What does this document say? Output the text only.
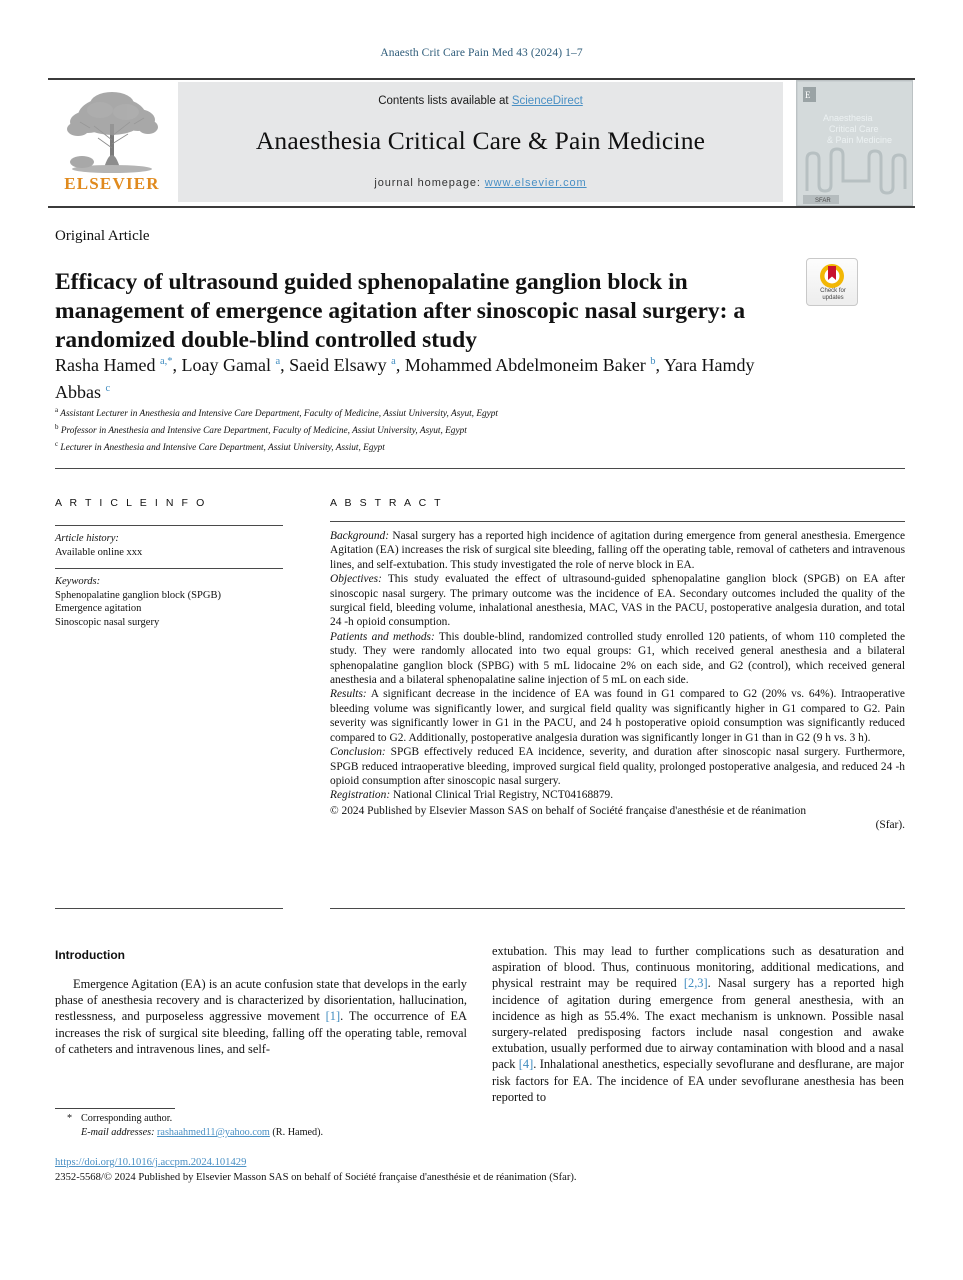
Anaesth Crit Care Pain Med 43 (2024) 1–7
ELSEVIER
Contents lists available at ScienceDirect
Anaesthesia Critical Care & Pain Medicine
journal homepage: www.elsevier.com
E
Anaesthesia
Critical Care
& Pain Medicine
SFAR
Original Article
Efficacy of ultrasound guided sphenopalatine ganglion block in management of emergence agitation after sinoscopic nasal surgery: a randomized double-blind controlled study
Check for
updates
Rasha Hamed $^{a,*}$, Loay Gamal $^a$, Saeid Elsawy $^a$, Mohammed Abdelmoneim Baker $^b$, Yara Hamdy Abbas $^c$
$^a$ Assistant Lecturer in Anesthesia and Intensive Care Department, Faculty of Medicine, Assiut University, Asyut, Egypt
$^b$ Professor in Anesthesia and Intensive Care Department, Faculty of Medicine, Assiut University, Asyut, Egypt
$^c$ Lecturer in Anesthesia and Intensive Care Department, Assiut University, Assiut, Egypt
A R T I C L E I N F O	A B S T R A C T
Article history:
Available online xxx
Keywords:
Sphenopalatine ganglion block (SPGB)
Emergence agitation
Sinoscopic nasal surgery

Background: Nasal surgery has a reported high incidence of agitation during emergence from general anesthesia. Emergence Agitation (EA) increases the risk of surgical site bleeding, falling off the operating table, removal of catheters and intravenous lines, and self-extubation. This study investigated the role of nerve block in EA.

Objectives: This study evaluated the effect of ultrasound-guided sphenopalatine ganglion block (SPGB) on EA after sinoscopic nasal surgery. The primary outcome was the incidence of EA. Secondary outcomes included the quality of the surgical field, bleeding volume, inhalational anesthesia, MAC, VAS in the PACU, postoperative analgesia duration, and total 24 -h opioid consumption.

Patients and methods: This double-blind, randomized controlled study enrolled 120 patients, of whom 110 completed the study. They were randomly allocated into two equal groups: G1, which received general anesthesia and a bilateral sphenopalatine ganglion block (SPBG) with 5 mL lidocaine 2% on each side, and G2 (control), which received general anesthesia and a bilateral sphenopalatine saline injection of 5 mL on each side.

Results: A significant decrease in the incidence of EA was found in G1 compared to G2 (20% vs. 64%). Intraoperative bleeding volume was significantly lower, and surgical field quality was significantly higher in G1 compared to G2. Pain severity was significantly lower in G1 in the PACU, and 24 h postoperative opioid consumption was significantly reduced compared to G2. Additionally, postoperative analgesia duration was significantly longer in G1 than in G2 (9 h vs. 3 h).

Conclusion: SPGB effectively reduced EA incidence, severity, and duration after sinoscopic nasal surgery. Furthermore, SPGB reduced intraoperative bleeding, improved surgical field quality, prolonged postoperative analgesia, and reduced 24 -h opioid consumption after sinoscopic nasal surgery.

Registration: National Clinical Trial Registry, NCT04168879.

© 2024 Published by Elsevier Masson SAS on behalf of Société française d'anesthésie et de réanimation
(Sfar).

Introduction

Emergence Agitation (EA) is an acute confusion state that develops in the early phase of anesthesia recovery and is characterized by disorientation, hallucination, restlessness, and purposeless aggressive movement [1]. The occurrence of EA increases the risk of surgical site bleeding, falling off the operating table, removal of catheters and intravenous lines, and self-

extubation. This may lead to further complications such as desaturation and aspiration of blood. Thus, continuous monitoring, additional medications, and physical restraint may be required [2,3]. Nasal surgery has a reported high incidence of agitation during emergence from general anesthesia, with an incidence as high as 55.4%. The exact mechanism is unknown. Possible nasal surgery-related predisposing factors include nasal congestion and awake extubation, usually performed due to airway contamination with blood and a nasal pack [4]. Inhalational anesthetics, especially sevoflurane and desflurane, are major risk factors for EA. The incidence of EA under sevoflurane anesthesia has been reported to

* Corresponding author.
E-mail addresses: rashaahmed11@yahoo.com (R. Hamed).
https://doi.org/10.1016/j.accpm.2024.101429
2352-5568/© 2024 Published by Elsevier Masson SAS on behalf of Société française d'anesthésie et de réanimation (Sfar).
